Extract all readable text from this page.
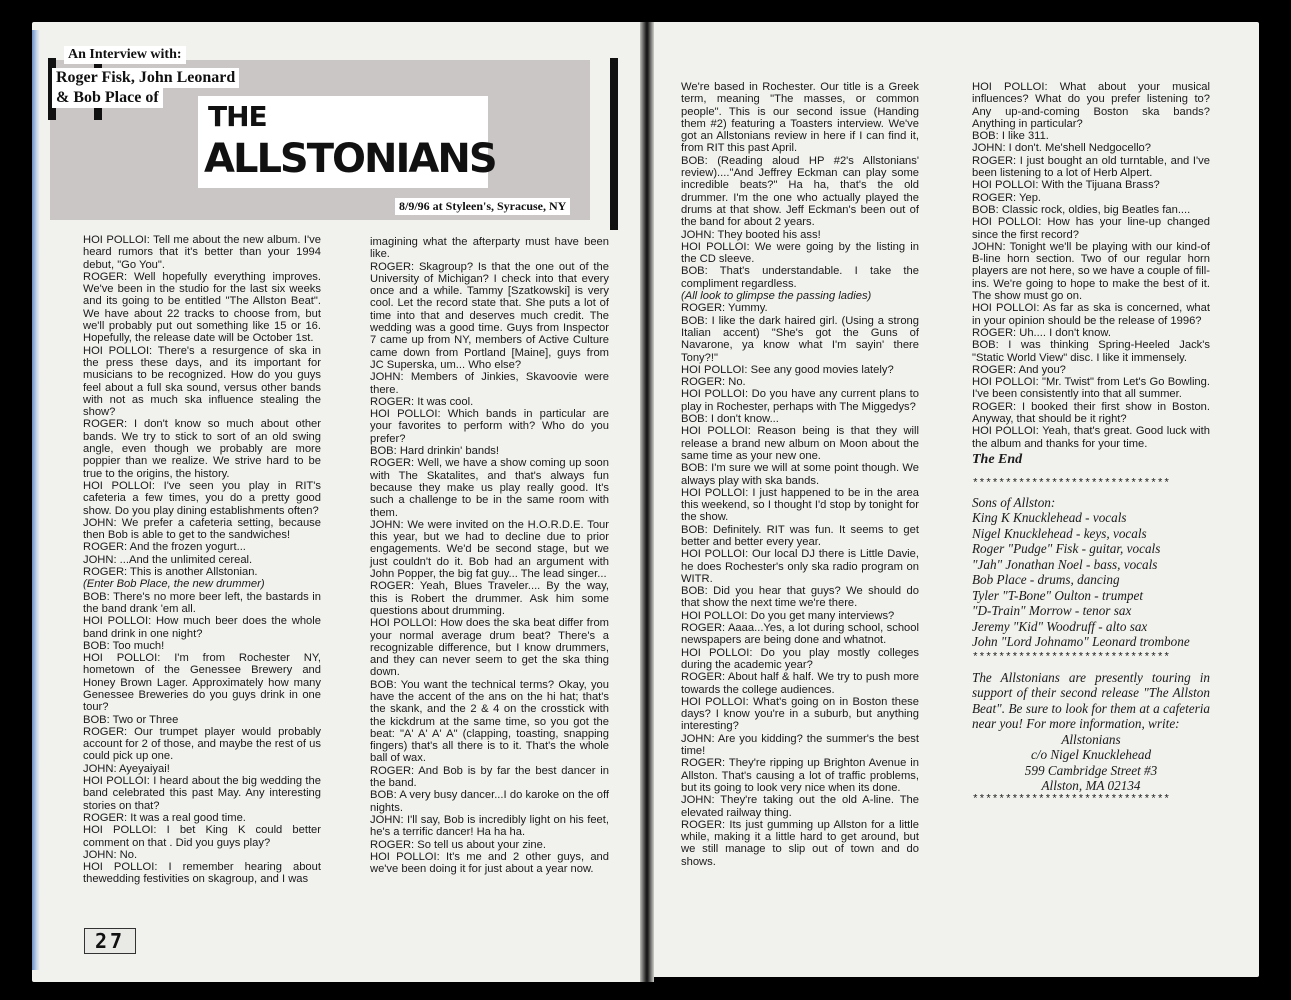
An Interview with:
Roger Fisk, John Leonard
& Bob Place of
THE
ALLSTONIANS
8/9/96 at Styleen's, Syracuse, NY

HOI POLLOI: Tell me about the new album. I've heard rumors that it's better than your 1994 debut, "Go You".

ROGER: Well hopefully everything improves. We've been in the studio for the last six weeks and its going to be entitled "The Allston Beat". We have about 22 tracks to choose from, but we'll probably put out something like 15 or 16. Hopefully, the release date will be October 1st.

HOI POLLOI: There's a resurgence of ska in the press these days, and its important for musicians to be recognized. How do you guys feel about a full ska sound, versus other bands with not as much ska influence stealing the show?

ROGER: I don't know so much about other bands. We try to stick to sort of an old swing angle, even though we probably are more poppier than we realize. We strive hard to be true to the origins, the history.

HOI POLLOI: I've seen you play in RIT's cafeteria a few times, you do a pretty good show. Do you play dining establishments often?

JOHN: We prefer a cafeteria setting, because then Bob is able to get to the sandwiches!

ROGER: And the frozen yogurt...

JOHN: ...And the unlimited cereal.

ROGER: This is another Allstonian.

(Enter Bob Place, the new drummer)

BOB: There's no more beer left, the bastards in the band drank 'em all.

HOI POLLOI: How much beer does the whole band drink in one night?

BOB: Too much!

HOI POLLOI: I'm from Rochester NY, hometown of the Genessee Brewery and Honey Brown Lager. Approximately how many Genessee Breweries do you guys drink in one tour?

BOB: Two or Three

ROGER: Our trumpet player would probably account for 2 of those, and maybe the rest of us could pick up one.

JOHN: Ayeyaiyai!

HOI POLLOI: I heard about the big wedding the band celebrated this past May. Any interesting stories on that?

ROGER: It was a real good time.

HOI POLLOI: I bet King K could better comment on that . Did you guys play?

JOHN: No.

HOI POLLOI: I remember hearing about thewedding festivities on skagroup, and I was

imagining what the afterparty must have been like.

ROGER: Skagroup? Is that the one out of the University of Michigan? I check into that every once and a while. Tammy [Szatkowski] is very cool. Let the record state that. She puts a lot of time into that and deserves much credit. The wedding was a good time. Guys from Inspector 7 came up from NY, members of Active Culture came down from Portland [Maine], guys from JC Superska, um... Who else?

JOHN: Members of Jinkies, Skavoovie were there.

ROGER: It was cool.

HOI POLLOI: Which bands in particular are your favorites to perform with? Who do you prefer?

BOB: Hard drinkin' bands!

ROGER: Well, we have a show coming up soon with The Skatalites, and that's always fun because they make us play really good. It's such a challenge to be in the same room with them.

JOHN: We were invited on the H.O.R.D.E. Tour this year, but we had to decline due to prior engagements. We'd be second stage, but we just couldn't do it. Bob had an argument with John Popper, the big fat guy... The lead singer...

ROGER: Yeah, Blues Traveler.... By the way, this is Robert the drummer. Ask him some questions about drumming.

HOI POLLOI: How does the ska beat differ from your normal average drum beat? There's a recognizable difference, but I know drummers, and they can never seem to get the ska thing down.

BOB: You want the technical terms? Okay, you have the accent of the ans on the hi hat; that's the skank, and the 2 & 4 on the crosstick with the kickdrum at the same time, so you got the beat: "A' A' A' A" (clapping, toasting, snapping fingers) that's all there is to it. That's the whole ball of wax.

ROGER: And Bob is by far the best dancer in the band.

BOB: A very busy dancer...I do karoke on the off nights.

JOHN: I'll say, Bob is incredibly light on his feet, he's a terrific dancer! Ha ha ha.

ROGER: So tell us about your zine.

HOI POLLOI: It's me and 2 other guys, and we've been doing it for just about a year now.

We're based in Rochester. Our title is a Greek term, meaning "The masses, or common people". This is our second issue (Handing them #2) featuring a Toasters interview. We've got an Allstonians review in here if I can find it, from RIT this past April.

BOB: (Reading aloud HP #2's Allstonians' review)...."And Jeffrey Eckman can play some incredible beats?" Ha ha, that's the old drummer. I'm the one who actually played the drums at that show. Jeff Eckman's been out of the band for about 2 years.

JOHN: They booted his ass!

HOI POLLOI: We were going by the listing in the CD sleeve.

BOB: That's understandable. I take the compliment regardless.

(All look to glimpse the passing ladies)

ROGER: Yummy.

BOB: I like the dark haired girl. (Using a strong Italian accent) "She's got the Guns of Navarone, ya know what I'm sayin' there Tony?!"

HOI POLLOI: See any good movies lately?

ROGER: No.

HOI POLLOI: Do you have any current plans to play in Rochester, perhaps with The Miggedys?

BOB: I don't know...

HOI POLLOI: Reason being is that they will release a brand new album on Moon about the same time as your new one.

BOB: I'm sure we will at some point though. We always play with ska bands.

HOI POLLOI: I just happened to be in the area this weekend, so I thought I'd stop by tonight for the show.

BOB: Definitely. RIT was fun. It seems to get better and better every year.

HOI POLLOI: Our local DJ there is Little Davie, he does Rochester's only ska radio program on WITR.

BOB: Did you hear that guys? We should do that show the next time we're there.

HOI POLLOI: Do you get many interviews?

ROGER: Aaaa...Yes, a lot during school, school newspapers are being done and whatnot.

HOI POLLOI: Do you play mostly colleges during the academic year?

ROGER: About half & half. We try to push more towards the college audiences.

HOI POLLOI: What's going on in Boston these days? I know you're in a suburb, but anything interesting?

JOHN: Are you kidding? the summer's the best time!

ROGER: They're ripping up Brighton Avenue in Allston. That's causing a lot of traffic problems, but its going to look very nice when its done.

JOHN: They're taking out the old A-line. The elevated railway thing.

ROGER: Its just gumming up Allston for a little while, making it a little hard to get around, but we still manage to slip out of town and do shows.

HOI POLLOI: What about your musical influences? What do you prefer listening to? Any up-and-coming Boston ska bands? Anything in particular?

BOB: I like 311.

JOHN: I don't. Me'shell Nedgocello?

ROGER: I just bought an old turntable, and I've been listening to a lot of Herb Alpert.

HOI POLLOI: With the Tijuana Brass?

ROGER: Yep.

BOB: Classic rock, oldies, big Beatles fan....

HOI POLLOI: How has your line-up changed since the first record?

JOHN: Tonight we'll be playing with our kind-of B-line horn section. Two of our regular horn players are not here, so we have a couple of fill-ins. We're going to hope to make the best of it. The show must go on.

HOI POLLOI: As far as ska is concerned, what in your opinion should be the release of 1996?

ROGER: Uh.... I don't know.

BOB: I was thinking Spring-Heeled Jack's "Static World View" disc. I like it immensely.

ROGER: And you?

HOI POLLOI: "Mr. Twist" from Let's Go Bowling. I've been consistently into that all summer.

ROGER: I booked their first show in Boston. Anyway, that should be it right?

HOI POLLOI: Yeah, that's great. Good luck with the album and thanks for your time.

The End
******************************
Sons of Allston:
King K Knucklehead - vocals
Nigel Knucklehead - keys, vocals
Roger "Pudge" Fisk - guitar, vocals
"Jah" Jonathan Noel - bass, vocals
Bob Place - drums, dancing
Tyler "T-Bone" Oulton - trumpet
"D-Train" Morrow - tenor sax
Jeremy "Kid" Woodruff - alto sax
John "Lord Johnamo" Leonard trombone
******************************
The Allstonians are presently touring in support of their second release "The Allston Beat". Be sure to look for them at a cafeteria near you! For more information, write:
Allstonians
c/o Nigel Knucklehead
599 Cambridge Street #3
Allston, MA 02134
******************************
27
